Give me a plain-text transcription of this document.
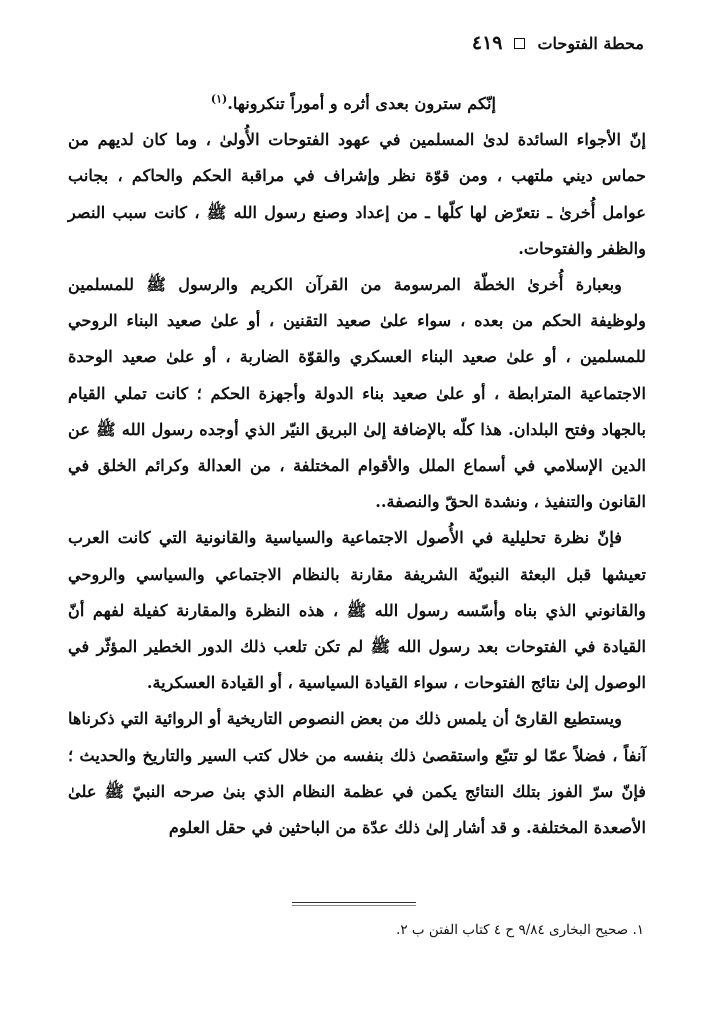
محطة الفتوحات
٤١٩

إنّكم سترون بعدى أثره و أموراً تنكرونها.$^{(١)}$

إنّ الأجواء السائدة لدىٰ المسلمين في عهود الفتوحات الأُولىٰ ، وما كان لديهم من حماس ديني ملتهب ، ومن قوّة نظر وإشراف في مراقبة الحكم والحاكم ، بجانب عوامل أُخرىٰ ـ نتعرّض لها كلّها ـ من إعداد وصنع رسول الله ﷺ ، كانت سبب النصر والظفر والفتوحات.

وبعبارة أُخرىٰ الخطّة المرسومة من القرآن الكريم والرسول ﷺ للمسلمين ولوظيفة الحكم من بعده ، سواء علىٰ صعيد التقنين ، أو علىٰ صعيد البناء الروحي للمسلمين ، أو علىٰ صعيد البناء العسكري والقوّة الضاربة ، أو علىٰ صعيد الوحدة الاجتماعية المترابطة ، أو علىٰ صعيد بناء الدولة وأجهزة الحكم ؛ كانت تملي القيام بالجهاد وفتح البلدان. هذا كلّه بالإضافة إلىٰ البريق النيّر الذي أوجده رسول الله ﷺ عن الدين الإسلامي في أسماع الملل والأقوام المختلفة ، من العدالة وكرائم الخلق في القانون والتنفيذ ، ونشدة الحقّ والنصفة..

فإنّ نظرة تحليلية في الأُصول الاجتماعية والسياسية والقانونية التي كانت العرب تعيشها قبل البعثة النبويّة الشريفة مقارنة بالنظام الاجتماعي والسياسي والروحي والقانوني الذي بناه وأسّسه رسول الله ﷺ ، هذه النظرة والمقارنة كفيلة لفهم أنّ القيادة في الفتوحات بعد رسول الله ﷺ لم تكن تلعب ذلك الدور الخطير المؤثّر في الوصول إلىٰ نتائج الفتوحات ، سواء القيادة السياسية ، أو القيادة العسكرية.

ويستطيع القارئ أن يلمس ذلك من بعض النصوص التاريخية أو الروائية التي ذكرناها آنفاً ، فضلاً عمّا لو تتبّع واستقصىٰ ذلك بنفسه من خلال كتب السير والتاريخ والحديث ؛ فإنّ سرّ الفوز بتلك النتائج يكمن في عظمة النظام الذي بنىٰ صرحه النبيّ ﷺ علىٰ الأصعدة المختلفة. و قد أشار إلىٰ ذلك عدّة من الباحثين في حقل العلوم

١. صحيح البخارى ٩/٨٤ ح ٤ كتاب الفتن ب ٢.
